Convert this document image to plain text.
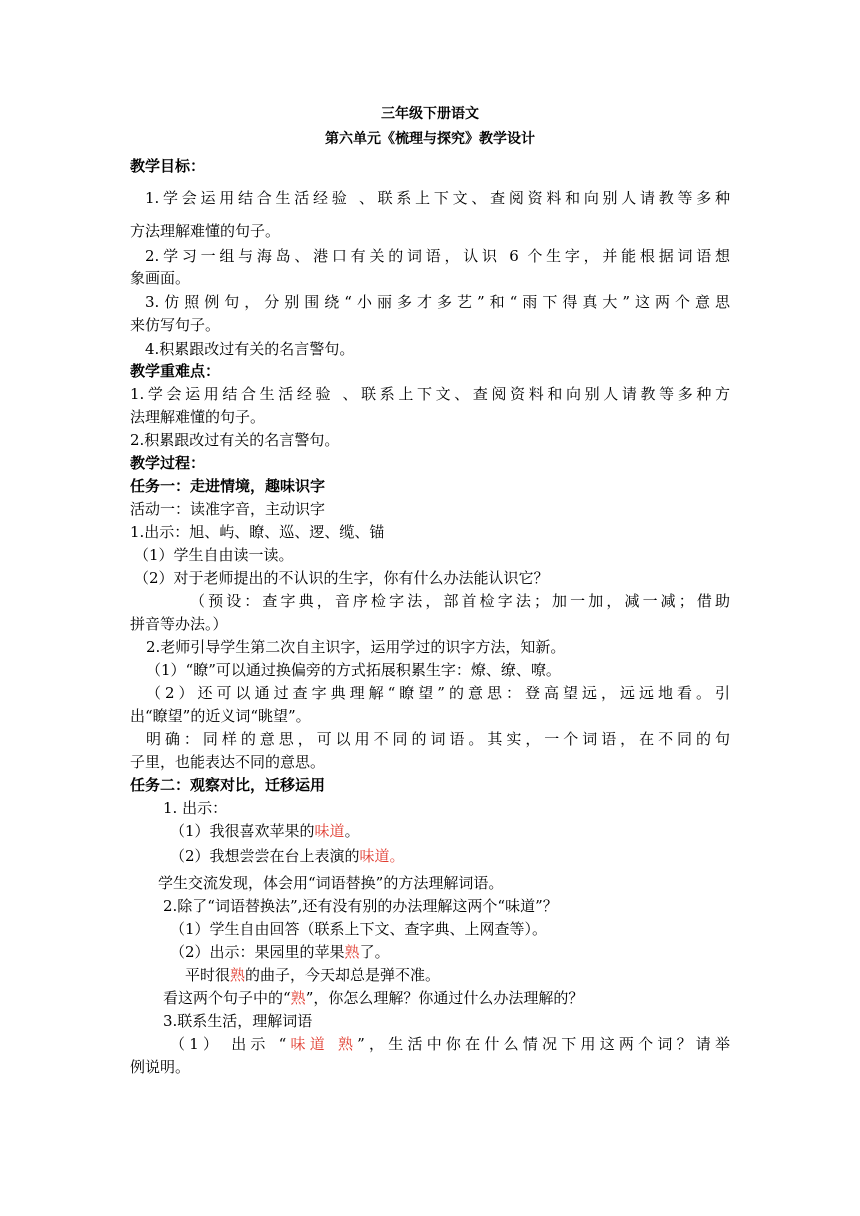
三年级下册语文
第六单元《梳理与探究》教学设计
教学目标：
1.学会运用结合生活经验 、联系上下文、查阅资料和向别人请教等多种
方法理解难懂的句子。
2.学习一组与海岛、港口有关的词语，认识 6 个生字，并能根据词语想
象画面。
3.仿照例句，分别围绕“小丽多才多艺”和“雨下得真大”这两个意思
来仿写句子。
4.积累跟改过有关的名言警句。
教学重难点：
1.学会运用结合生活经验 、联系上下文、查阅资料和向别人请教等多种方
法理解难懂的句子。
2.积累跟改过有关的名言警句。
教学过程：
任务一：走进情境，趣味识字
活动一：读准字音，主动识字
1.出示：旭、屿、瞭、巡、逻、缆、锚
（1）学生自由读一读。
（2）对于老师提出的不认识的生字，你有什么办法能认识它？
（预设：查字典，音序检字法，部首检字法；加一加，减一减；借助
拼音等办法。）
2.老师引导学生第二次自主识字，运用学过的识字方法，知新。
（1）“瞭”可以通过换偏旁的方式拓展积累生字：燎、缭、嘹。
（2）还可以通过查字典理解“瞭望”的意思：登高望远，远远地看。引
出“瞭望”的近义词“眺望”。
明确：同样的意思，可以用不同的词语。其实，一个词语，在不同的句
子里，也能表达不同的意思。
任务二：观察对比，迁移运用
1. 出示：
（1）我很喜欢苹果的味道。
（2）我想尝尝在台上表演的味道。
学生交流发现，体会用“词语替换”的方法理解词语。
2.除了“词语替换法”,还有没有别的办法理解这两个“味道”？
（1）学生自由回答（联系上下文、查字典、上网查等）。
（2）出示：果园里的苹果熟了。
平时很熟的曲子，今天却总是弹不准。
看这两个句子中的“熟”，你怎么理解？你通过什么办法理解的？
3.联系生活，理解词语
（1） 出示 “味道 熟”，生活中你在什么情况下用这两个词？请举
例说明。
